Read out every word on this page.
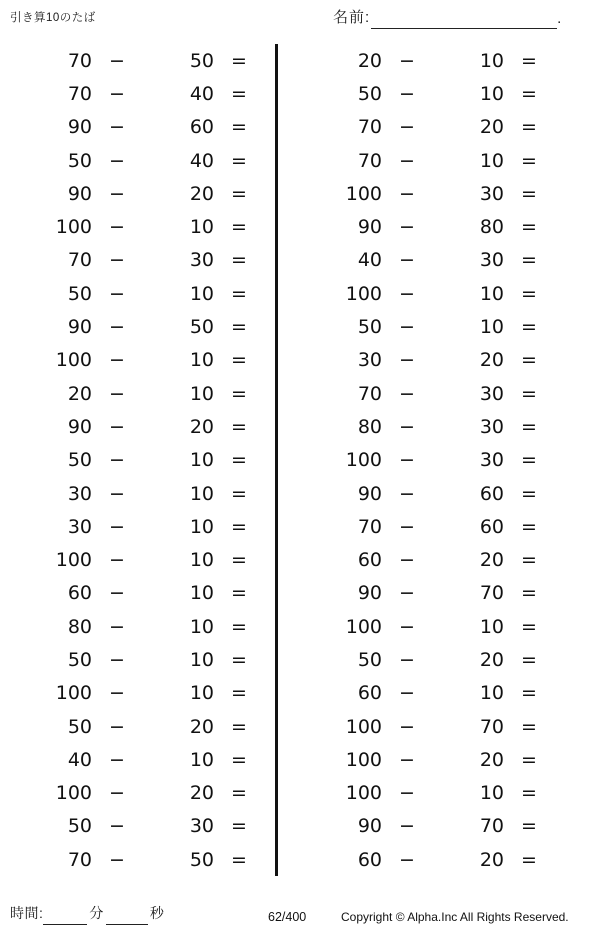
引き算10のたば	名前:	.
70 −	50 =
70 −	40 =
90 −	60 =
50 −	40 =
90 −	20 =
100 −	10 =
70 −	30 =
50 −	10 =
90 −	50 =
100 −	10 =
20 −	10 =
90 −	20 =
50 −	10 =
30 −	10 =
30 −	10 =
100 −	10 =
60 −	10 =
80 −	10 =
50 −	10 =
100 −	10 =
50 −	20 =
40 −	10 =
100 −	20 =
50 −	30 =
70 −	50 =
20 −	10 =
50 −	10 =
70 −	20 =
70 −	10 =
100 −	30 =
90 −	80 =
40 −	30 =
100 −	10 =
50 −	10 =
30 −	20 =
70 −	30 =
80 −	30 =
100 −	30 =
90 −	60 =
70 −	60 =
60 −	20 =
90 −	70 =
100 −	10 =
50 −	20 =
60 −	10 =
100 −	70 =
100 −	20 =
100 −	10 =
90 −	70 =
60 −	20 =
時間:	分	秒	62/400	Copyright © Alpha.Inc All Rights Reserved.
